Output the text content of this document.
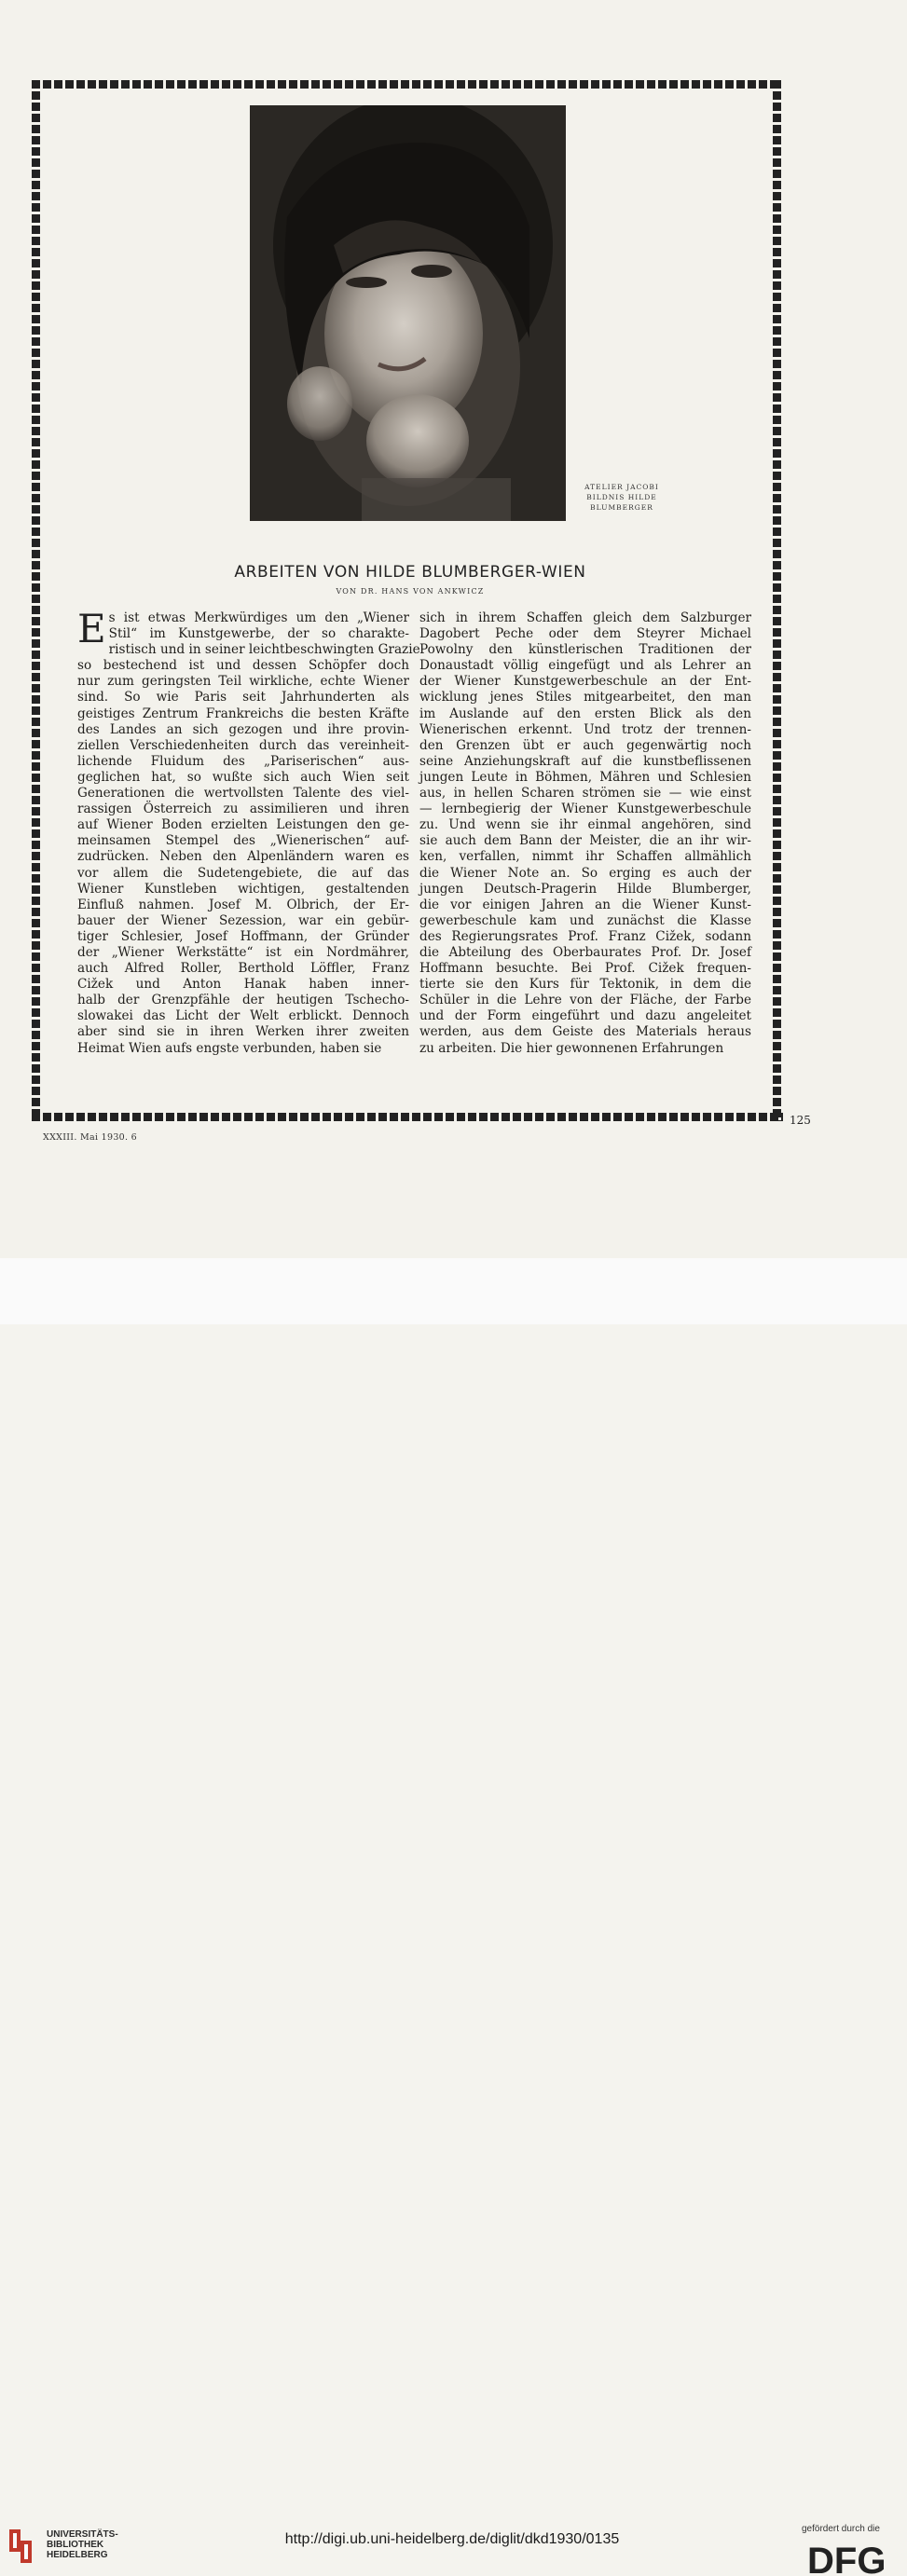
ATELIER JACOBI
BILDNIS HILDE
BLUMBERGER
ARBEITEN VON HILDE BLUMBERGER-WIEN
VON DR. HANS VON ANKWICZ
E s ist etwas Merkwürdiges um den „Wiener
Stil“ im Kunstgewerbe, der so charakte-
ristisch und in seiner leichtbeschwingten Grazie
so bestechend ist und dessen Schöpfer doch
nur zum geringsten Teil wirkliche, echte Wiener
sind. So wie Paris seit Jahrhunderten als
geistiges Zentrum Frankreichs die besten Kräfte
des Landes an sich gezogen und ihre provin-
ziellen Verschiedenheiten durch das vereinheit-
lichende Fluidum des „Pariserischen“ aus-
geglichen hat, so wußte sich auch Wien seit
Generationen die wertvollsten Talente des viel-
rassigen Österreich zu assimilieren und ihren
auf Wiener Boden erzielten Leistungen den ge-
meinsamen Stempel des „Wienerischen“ auf-
zudrücken. Neben den Alpenländern waren es
vor allem die Sudetengebiete, die auf das
Wiener Kunstleben wichtigen, gestaltenden
Einfluß nahmen. Josef M. Olbrich, der Er-
bauer der Wiener Sezession, war ein gebür-
tiger Schlesier, Josef Hoffmann, der Gründer
der „Wiener Werkstätte“ ist ein Nordmährer,
auch Alfred Roller, Berthold Löffler, Franz
Cižek und Anton Hanak haben inner-
halb der Grenzpfähle der heutigen Tschecho-
slowakei das Licht der Welt erblickt. Dennoch
aber sind sie in ihren Werken ihrer zweiten
Heimat Wien aufs engste verbunden, haben sie
sich in ihrem Schaffen gleich dem Salzburger
Dagobert Peche oder dem Steyrer Michael
Powolny den künstlerischen Traditionen der
Donaustadt völlig eingefügt und als Lehrer an
der Wiener Kunstgewerbeschule an der Ent-
wicklung jenes Stiles mitgearbeitet, den man
im Auslande auf den ersten Blick als den
Wienerischen erkennt. Und trotz der trennen-
den Grenzen übt er auch gegenwärtig noch
seine Anziehungskraft auf die kunstbeflissenen
jungen Leute in Böhmen, Mähren und Schlesien
aus, in hellen Scharen strömen sie — wie einst
— lernbegierig der Wiener Kunstgewerbeschule
zu. Und wenn sie ihr einmal angehören, sind
sie auch dem Bann der Meister, die an ihr wir-
ken, verfallen, nimmt ihr Schaffen allmählich
die Wiener Note an. So erging es auch der
jungen Deutsch-Pragerin Hilde Blumberger,
die vor einigen Jahren an die Wiener Kunst-
gewerbeschule kam und zunächst die Klasse
des Regierungsrates Prof. Franz Cižek, sodann
die Abteilung des Oberbaurates Prof. Dr. Josef
Hoffmann besuchte. Bei Prof. Cižek frequen-
tierte sie den Kurs für Tektonik, in dem die
Schüler in die Lehre von der Fläche, der Farbe
und der Form eingeführt und dazu angeleitet
werden, aus dem Geiste des Materials heraus
zu arbeiten. Die hier gewonnenen Erfahrungen
125
XXXIII. Mai 1930. 6
UNIVERSITÄTS-
BIBLIOTHEK
HEIDELBERG
http://digi.ub.uni-heidelberg.de/diglit/dkd1930/0135
gefördert durch die
DFG
